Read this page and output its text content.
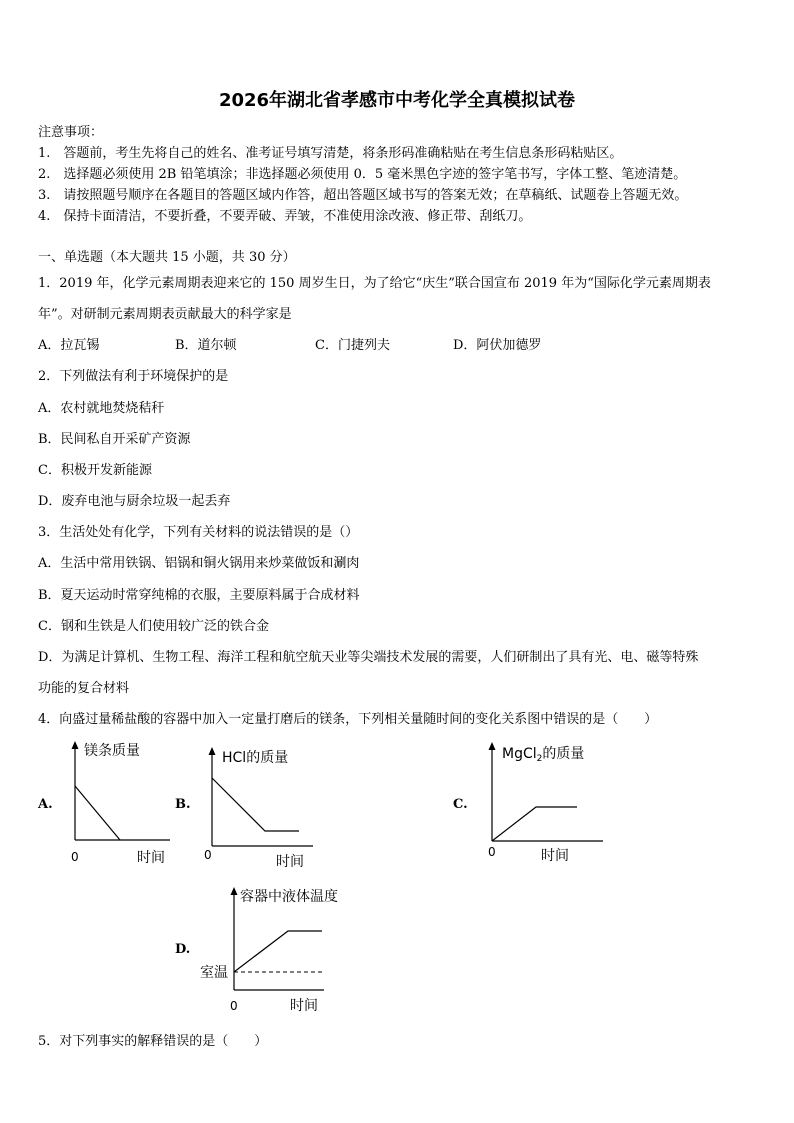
2026年湖北省孝感市中考化学全真模拟试卷
注意事项：
1.　答题前，考生先将自己的姓名、准考证号填写清楚，将条形码准确粘贴在考生信息条形码粘贴区。
2.　选择题必须使用 2B 铅笔填涂；非选择题必须使用 0．5 毫米黑色字迹的签字笔书写，字体工整、笔迹清楚。
3.　请按照题号顺序在各题目的答题区域内作答，超出答题区域书写的答案无效；在草稿纸、试题卷上答题无效。
4.　保持卡面清洁，不要折叠，不要弄破、弄皱，不准使用涂改液、修正带、刮纸刀。
一、单选题（本大题共 15 小题，共 30 分）
1．2019 年，化学元素周期表迎来它的 150 周岁生日，为了给它“庆生”联合国宣布 2019 年为“国际化学元素周期表
年”。对研制元素周期表贡献最大的科学家是
A．拉瓦锡	B．道尔顿	C．门捷列夫	D．阿伏加德罗
2．下列做法有利于环境保护的是
A．农村就地焚烧秸秆
B．民间私自开采矿产资源
C．积极开发新能源
D．废弃电池与厨余垃圾一起丢弃
3．生活处处有化学，下列有关材料的说法错误的是（）
A．生活中常用铁锅、铝锅和铜火锅用来炒菜做饭和涮肉
B．夏天运动时常穿纯棉的衣服，主要原料属于合成材料
C．钢和生铁是人们使用较广泛的铁合金
D．为满足计算机、生物工程、海洋工程和航空航天业等尖端技术发展的需要，人们研制出了具有光、电、磁等特殊
功能的复合材料
4．向盛过量稀盐酸的容器中加入一定量打磨后的镁条，下列相关量随时间的变化关系图中错误的是（　　）
A.
镁条质量
0	时间
B.
HCl的质量
0	时间
C.
MgCl$_2$的质量
0	时间
D.
容器中液体温度
室温
0	时间
5．对下列事实的解释错误的是（　　）
